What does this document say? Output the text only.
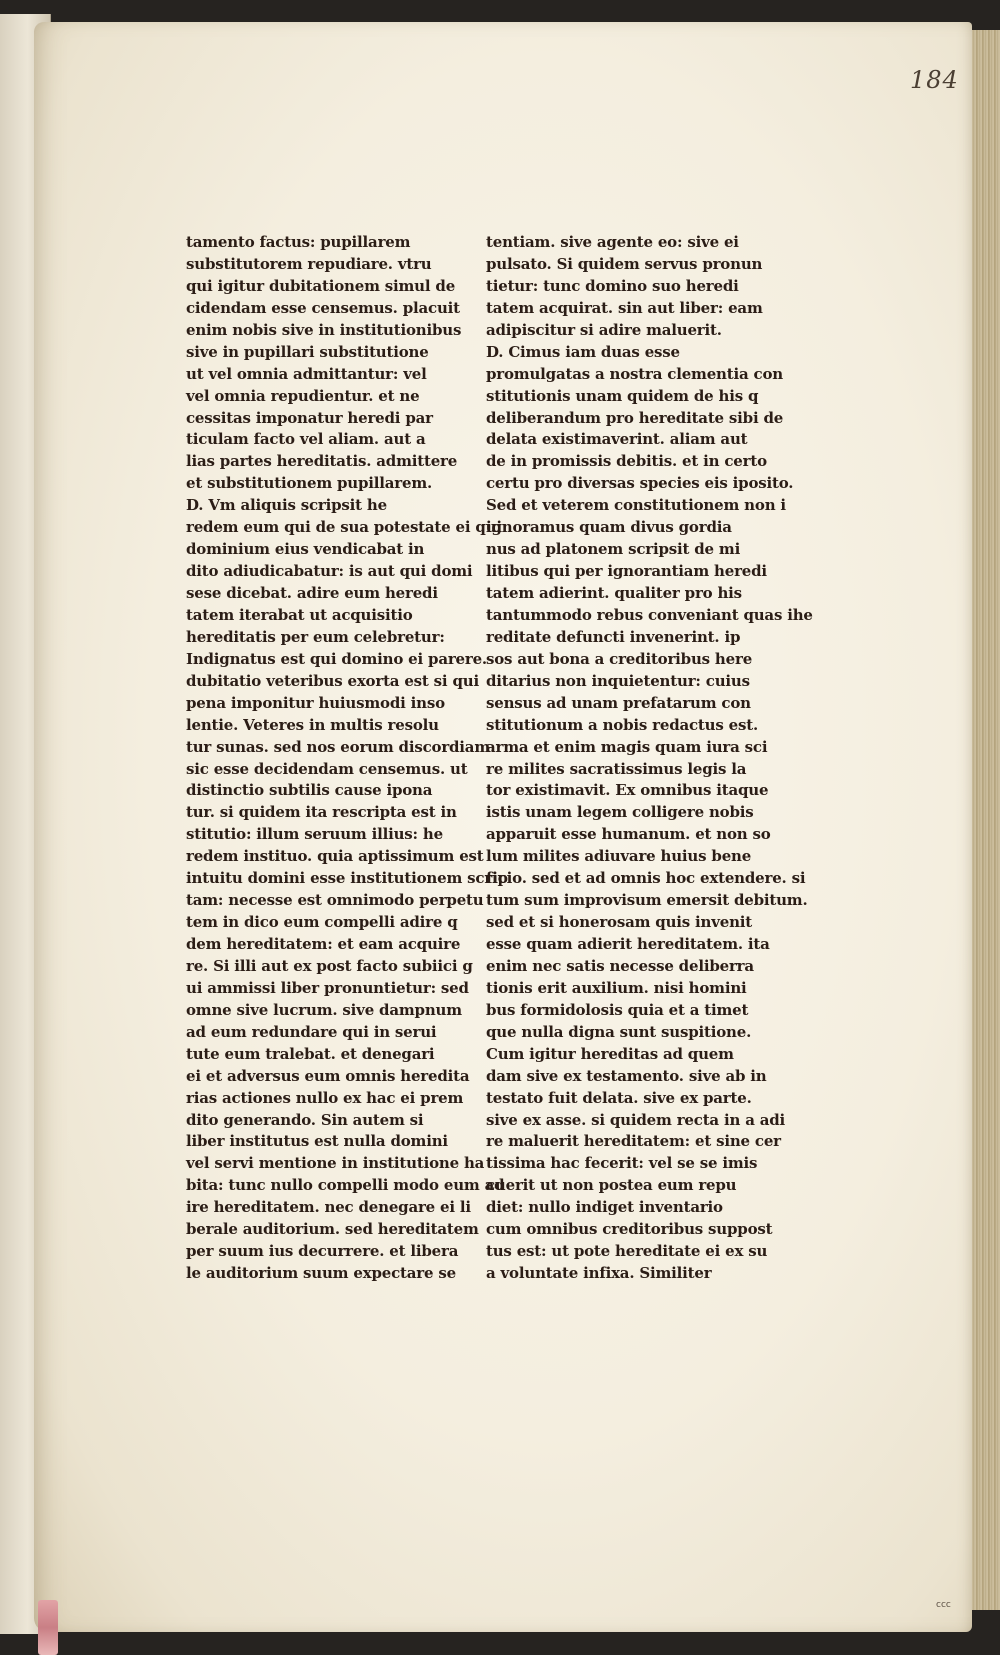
184
tamento factus: pupillarem
substitutorem repudiare. vtru
qui igitur dubitationem simul de
cidendam esse censemus. placuit
enim nobis sive in institutionibus
sive in pupillari substitutione
ut vel omnia admittantur: vel
vel omnia repudientur. et ne
cessitas imponatur heredi par
ticulam facto vel aliam. aut a
lias partes hereditatis. admittere
et substitutionem pupillarem.
D. Vm aliquis scripsit he
redem eum qui de sua potestate ei qui
dominium eius vendicabat in
dito adiudicabatur: is aut qui domi
sese dicebat. adire eum heredi
tatem iterabat ut acquisitio
hereditatis per eum celebretur:
Indignatus est qui domino ei parere.
dubitatio veteribus exorta est si qui
pena imponitur huiusmodi inso
lentie. Veteres in multis resolu
tur sunas. sed nos eorum discordiam
sic esse decidendam censemus. ut
distinctio subtilis cause ipona
tur. si quidem ita rescripta est in
stitutio: illum seruum illius: he
redem instituo. quia aptissimum est
intuitu domini esse institutionem scrip
tam: necesse est omnimodo perpetu
tem in dico eum compelli adire q
dem hereditatem: et eam acquire
re. Si illi aut ex post facto subiici g
ui ammissi liber pronuntietur: sed
omne sive lucrum. sive dampnum
ad eum redundare qui in serui
tute eum tralebat. et denegari
ei et adversus eum omnis heredita
rias actiones nullo ex hac ei prem
dito generando. Sin autem si
liber institutus est nulla domini
vel servi mentione in institutione ha
bita: tunc nullo compelli modo eum ad
ire hereditatem. nec denegare ei li
berale auditorium. sed hereditatem
per suum ius decurrere. et libera
le auditorium suum expectare se
tentiam. sive agente eo: sive ei
pulsato. Si quidem servus pronun
tietur: tunc domino suo heredi
tatem acquirat. sin aut liber: eam
adipiscitur si adire maluerit.
D. Cimus iam duas esse
promulgatas a nostra clementia con
stitutionis unam quidem de his q
deliberandum pro hereditate sibi de
delata existimaverint. aliam aut
de in promissis debitis. et in certo
certu pro diversas species eis iposito.
Sed et veterem constitutionem non i
ignoramus quam divus gordia
nus ad platonem scripsit de mi
litibus qui per ignorantiam heredi
tatem adierint. qualiter pro his
tantummodo rebus conveniant quas ihe
reditate defuncti invenerint. ip
sos aut bona a creditoribus here
ditarius non inquietentur: cuius
sensus ad unam prefatarum con
stitutionum a nobis redactus est.
arma et enim magis quam iura sci
re milites sacratissimus legis la
tor existimavit. Ex omnibus itaque
istis unam legem colligere nobis
apparuit esse humanum. et non so
lum milites adiuvare huius bene
ficio. sed et ad omnis hoc extendere. si
tum sum improvisum emersit debitum.
sed et si honerosam quis invenit
esse quam adierit hereditatem. ita
enim nec satis necesse deliberra
tionis erit auxilium. nisi homini
bus formidolosis quia et a timet
que nulla digna sunt suspitione.
Cum igitur hereditas ad quem
dam sive ex testamento. sive ab in
testato fuit delata. sive ex parte.
sive ex asse. si quidem recta in a adi
re maluerit hereditatem: et sine cer
tissima hac fecerit: vel se se imis
cuerit ut non postea eum repu
diet: nullo indiget inventario
cum omnibus creditoribus suppost
tus est: ut pote hereditate ei ex su
a voluntate infixa. Similiter
ccc
